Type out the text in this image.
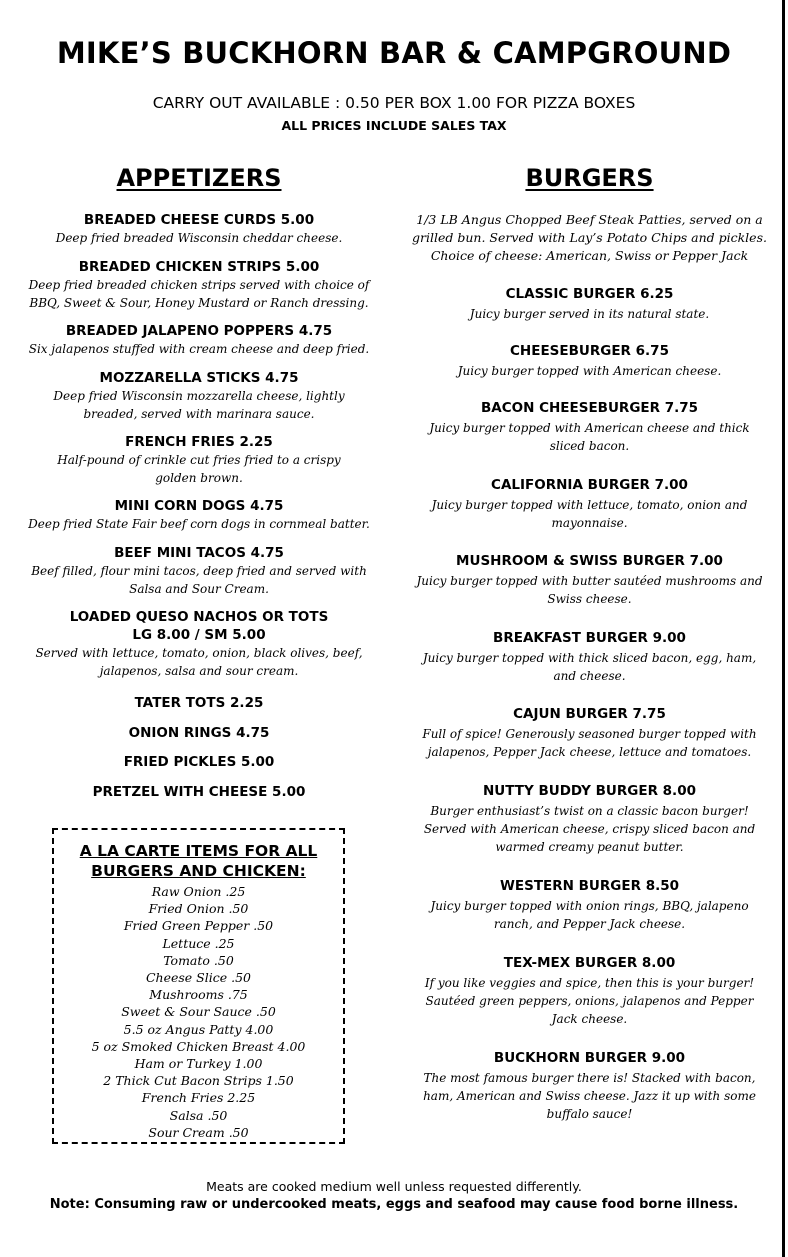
MIKE’S BUCKHORN BAR & CAMPGROUND
CARRY OUT AVAILABLE : 0.50 PER BOX 1.00 FOR PIZZA BOXES
ALL PRICES INCLUDE SALES TAX
APPETIZERS
BREADED CHEESE CURDS 5.00
Deep fried breaded Wisconsin cheddar cheese.
BREADED CHICKEN STRIPS 5.00
Deep fried breaded chicken strips served with choice of BBQ, Sweet & Sour, Honey Mustard or Ranch dressing.
BREADED JALAPENO POPPERS 4.75
Six jalapenos stuffed with cream cheese and deep fried.
MOZZARELLA STICKS 4.75
Deep fried Wisconsin mozzarella cheese, lightly breaded, served with marinara sauce.
FRENCH FRIES 2.25
Half-pound of crinkle cut fries fried to a crispy golden brown.
MINI CORN DOGS 4.75
Deep fried State Fair beef corn dogs in cornmeal batter.
BEEF MINI TACOS 4.75
Beef filled, flour mini tacos, deep fried and served with Salsa and Sour Cream.
LOADED QUESO NACHOS OR TOTS
LG 8.00 / SM 5.00
Served with lettuce, tomato, onion, black olives, beef, jalapenos, salsa and sour cream.
TATER TOTS 2.25
ONION RINGS 4.75
FRIED PICKLES 5.00
PRETZEL WITH CHEESE 5.00
A LA CARTE ITEMS FOR ALL
BURGERS AND CHICKEN:
Raw Onion .25
Fried Onion .50
Fried Green Pepper .50
Lettuce .25
Tomato .50
Cheese Slice .50
Mushrooms .75
Sweet & Sour Sauce .50
5.5 oz Angus Patty 4.00
5 oz Smoked Chicken Breast 4.00
Ham or Turkey 1.00
2 Thick Cut Bacon Strips 1.50
French Fries 2.25
Salsa .50
Sour Cream .50
BURGERS
1/3 LB Angus Chopped Beef Steak Patties, served on a grilled bun. Served with Lay’s Potato Chips and pickles. Choice of cheese: American, Swiss or Pepper Jack
CLASSIC BURGER 6.25
Juicy burger served in its natural state.
CHEESEBURGER 6.75
Juicy burger topped with American cheese.
BACON CHEESEBURGER 7.75
Juicy burger topped with American cheese and thick sliced bacon.
CALIFORNIA BURGER 7.00
Juicy burger topped with lettuce, tomato, onion and mayonnaise.
MUSHROOM & SWISS BURGER 7.00
Juicy burger topped with butter sautéed mushrooms and Swiss cheese.
BREAKFAST BURGER 9.00
Juicy burger topped with thick sliced bacon, egg, ham, and cheese.
CAJUN BURGER 7.75
Full of spice! Generously seasoned burger topped with jalapenos, Pepper Jack cheese, lettuce and tomatoes.
NUTTY BUDDY BURGER 8.00
Burger enthusiast’s twist on a classic bacon burger! Served with American cheese, crispy sliced bacon and warmed creamy peanut butter.
WESTERN BURGER 8.50
Juicy burger topped with onion rings, BBQ, jalapeno ranch, and Pepper Jack cheese.
TEX-MEX BURGER 8.00
If you like veggies and spice, then this is your burger! Sautéed green peppers, onions, jalapenos and Pepper Jack cheese.
BUCKHORN BURGER 9.00
The most famous burger there is! Stacked with bacon, ham, American and Swiss cheese. Jazz it up with some buffalo sauce!
Meats are cooked medium well unless requested differently.
Note: Consuming raw or undercooked meats, eggs and seafood may cause food borne illness.
